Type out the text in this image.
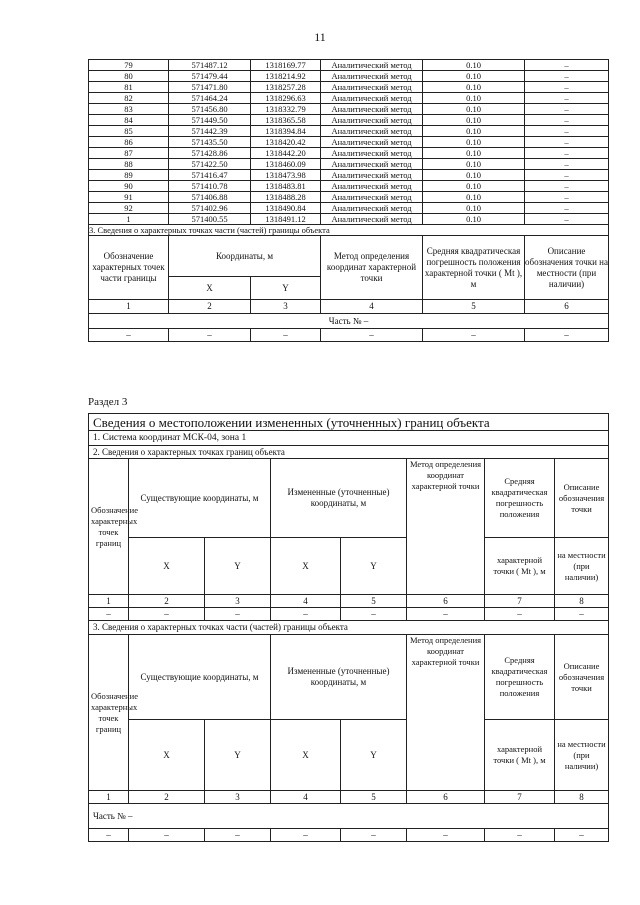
11
79	571487.12	1318169.77	Аналитический метод	0.10	–
80	571479.44	1318214.92	Аналитический метод	0.10	–
81	571471.80	1318257.28	Аналитический метод	0.10	–
82	571464.24	1318296.63	Аналитический метод	0.10	–
83	571456.80	1318332.79	Аналитический метод	0.10	–
84	571449.50	1318365.58	Аналитический метод	0.10	–
85	571442.39	1318394.84	Аналитический метод	0.10	–
86	571435.50	1318420.42	Аналитический метод	0.10	–
87	571428.86	1318442.20	Аналитический метод	0.10	–
88	571422.50	1318460.09	Аналитический метод	0.10	–
89	571416.47	1318473.98	Аналитический метод	0.10	–
90	571410.78	1318483.81	Аналитический метод	0.10	–
91	571406.88	1318488.28	Аналитический метод	0.10	–
92	571402.96	1318490.84	Аналитический метод	0.10	–
1	571400.55	1318491.12	Аналитический метод	0.10	–
3. Сведения о характерных точках части (частей) границы объекта					
Обозначение характерных точек части границы	Координаты, м		Метод определения координат характерной точки	Средняя квадратическая погрешность положения характерной точки ( Мt ), м	Описание обозначения точки на местности (при наличии)
	X	Y			
1	2	3	4	5	6
Часть № –					
–	–	–	–	–	–
Раздел 3
Сведения о местоположении измененных (уточненных) границ объекта							
1. Система координат МСК-04, зона 1							
2. Сведения о характерных точках границ объекта							
Обозначение характерных точек границ	Существующие координаты, м		Измененные (уточненные) координаты, м		Метод определения координат характерной точки	Средняя квадратическая погрешность положения	Описание обозначения точки
	X	Y	X	Y		характерной точки ( Мt ), м	на местности (при наличии)
1	2	3	4	5	6	7	8
–	–	–	–	–	–	–	–
3. Сведения о характерных точках части (частей) границы объекта							
Обозначение характерных точек границ	Существующие координаты, м		Измененные (уточненные) координаты, м		Метод определения координат характерной точки	Средняя квадратическая погрешность положения	Описание обозначения точки
	X	Y	X	Y		характерной точки ( Мt ), м	на местности (при наличии)
1	2	3	4	5	6	7	8
Часть № –							
–	–	–	–	–	–	–	–
